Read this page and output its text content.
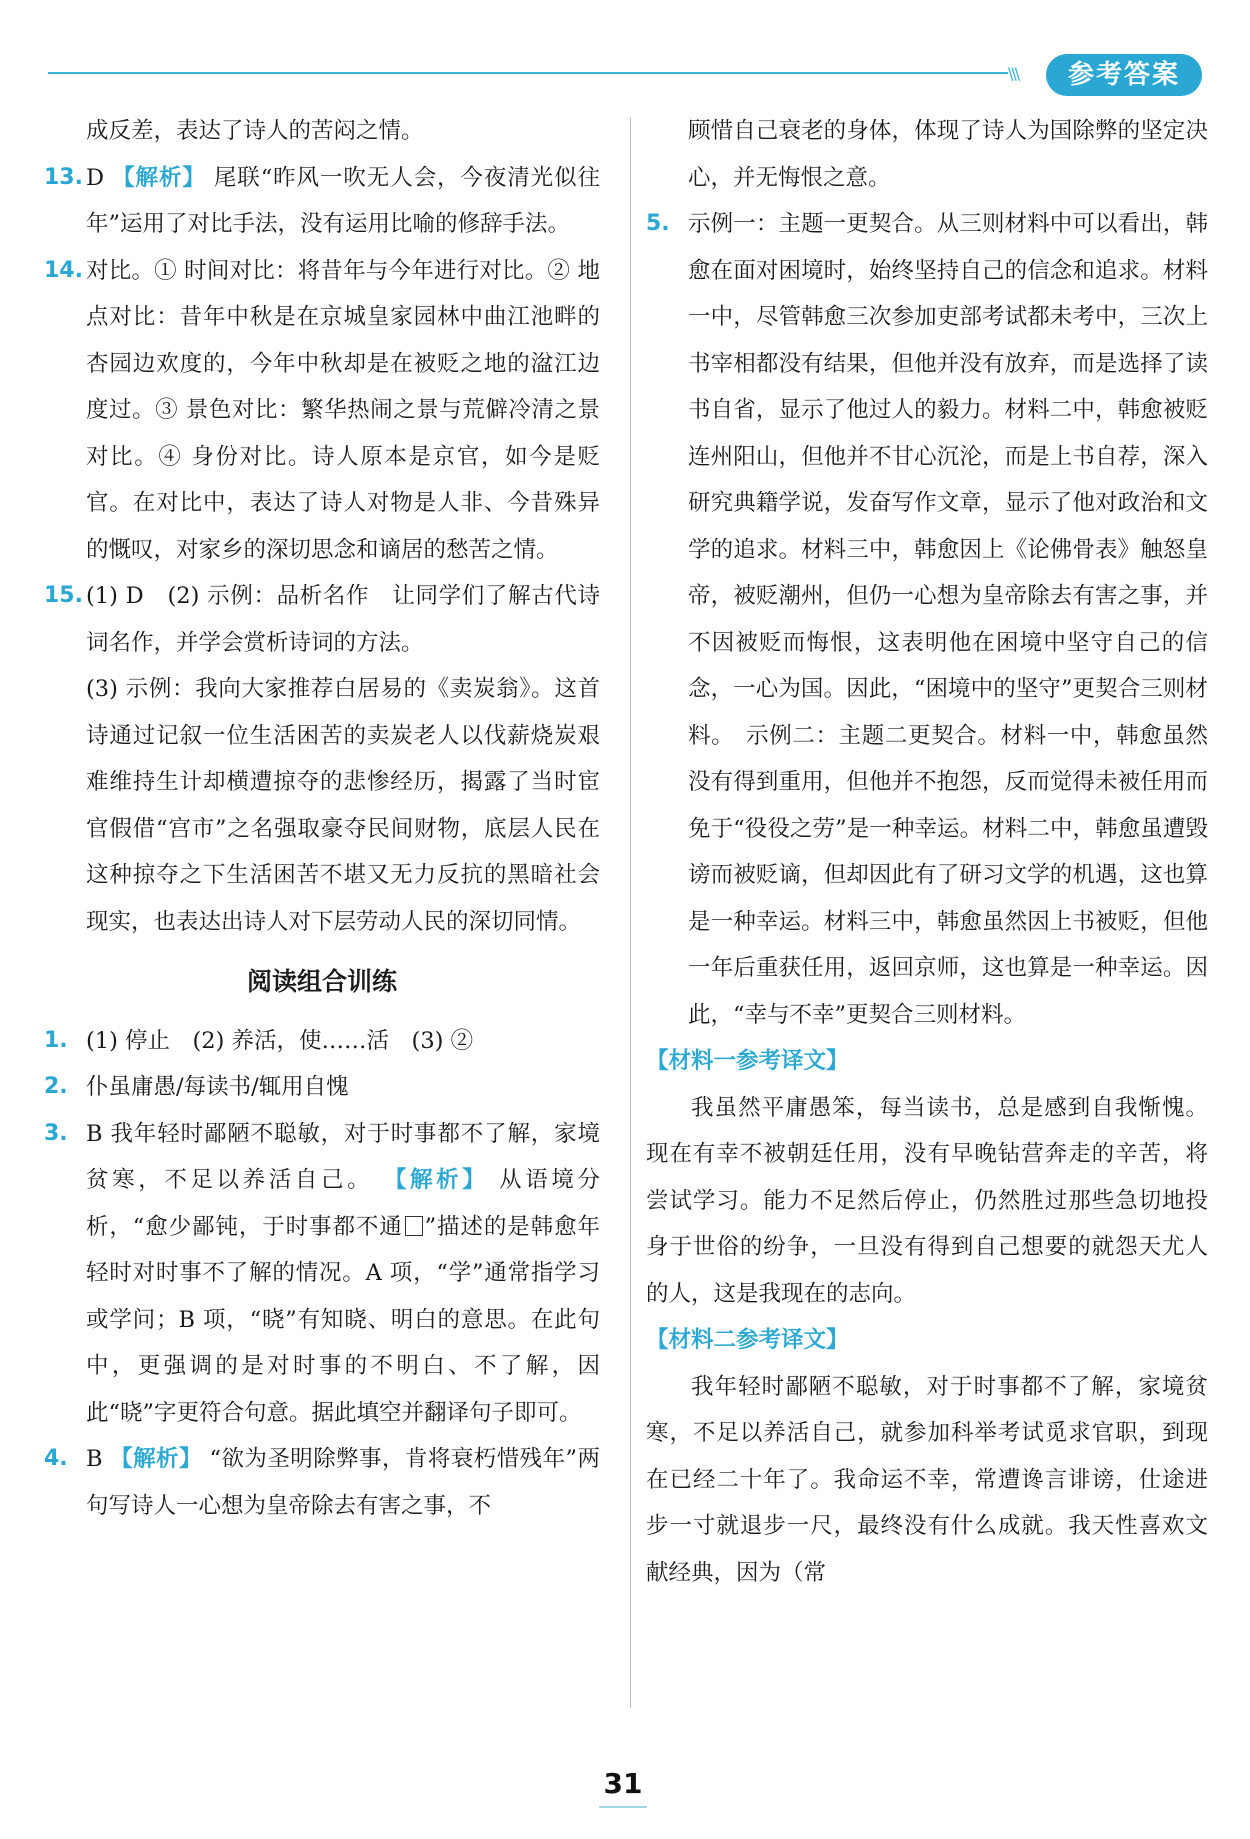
\\\	参考答案
成反差，表达了诗人的苦闷之情。
13. D 【解析】 尾联“昨风一吹无人会，今夜清光似往年”运用了对比手法，没有运用比喻的修辞手法。
14. 对比。① 时间对比：将昔年与今年进行对比。② 地点对比：昔年中秋是在京城皇家园林中曲江池畔的杏园边欢度的，今年中秋却是在被贬之地的湓江边度过。③ 景色对比：繁华热闹之景与荒僻冷清之景对比。④ 身份对比。诗人原本是京官，如今是贬官。在对比中，表达了诗人对物是人非、今昔殊异的慨叹，对家乡的深切思念和谪居的愁苦之情。
15. (1) D　(2) 示例：品析名作　让同学们了解古代诗词名作，并学会赏析诗词的方法。
(3) 示例：我向大家推荐白居易的《卖炭翁》。这首诗通过记叙一位生活困苦的卖炭老人以伐薪烧炭艰难维持生计却横遭掠夺的悲惨经历，揭露了当时宦官假借“宫市”之名强取豪夺民间财物，底层人民在这种掠夺之下生活困苦不堪又无力反抗的黑暗社会现实，也表达出诗人对下层劳动人民的深切同情。
阅读组合训练
1. (1) 停止　(2) 养活，使……活　(3) ②
2. 仆虽庸愚/每读书/辄用自愧
3. B 我年轻时鄙陋不聪敏，对于时事都不了解，家境贫寒，不足以养活自己。 【解析】 从语境分析，“愈少鄙钝，于时事都不通 ”描述的是韩愈年轻时对时事不了解的情况。A 项，“学”通常指学习或学问；B 项，“晓”有知晓、明白的意思。在此句中，更强调的是对时事的不明白、不了解，因此“晓”字更符合句意。据此填空并翻译句子即可。
4. B 【解析】 “欲为圣明除弊事，肯将衰朽惜残年”两句写诗人一心想为皇帝除去有害之事，不
顾惜自己衰老的身体，体现了诗人为国除弊的坚定决心，并无悔恨之意。
5. 示例一：主题一更契合。从三则材料中可以看出，韩愈在面对困境时，始终坚持自己的信念和追求。材料一中，尽管韩愈三次参加吏部考试都未考中，三次上书宰相都没有结果，但他并没有放弃，而是选择了读书自省，显示了他过人的毅力。材料二中，韩愈被贬连州阳山，但他并不甘心沉沦，而是上书自荐，深入研究典籍学说，发奋写作文章，显示了他对政治和文学的追求。材料三中，韩愈因上《论佛骨表》触怒皇帝，被贬潮州，但仍一心想为皇帝除去有害之事，并不因被贬而悔恨，这表明他在困境中坚守自己的信念，一心为国。因此，“困境中的坚守”更契合三则材料。　示例二：主题二更契合。材料一中，韩愈虽然没有得到重用，但他并不抱怨，反而觉得未被任用而免于“役役之劳”是一种幸运。材料二中，韩愈虽遭毁谤而被贬谪，但却因此有了研习文学的机遇，这也算是一种幸运。材料三中，韩愈虽然因上书被贬，但他一年后重获任用，返回京师，这也算是一种幸运。因此，“幸与不幸”更契合三则材料。
【材料一参考译文】
我虽然平庸愚笨，每当读书，总是感到自我惭愧。现在有幸不被朝廷任用，没有早晚钻营奔走的辛苦，将尝试学习。能力不足然后停止，仍然胜过那些急切地投身于世俗的纷争，一旦没有得到自己想要的就怨天尤人的人，这是我现在的志向。
【材料二参考译文】
我年轻时鄙陋不聪敏，对于时事都不了解，家境贫寒，不足以养活自己，就参加科举考试觅求官职，到现在已经二十年了。我命运不幸，常遭谗言诽谤，仕途进步一寸就退步一尺，最终没有什么成就。我天性喜欢文献经典，因为（常
31
